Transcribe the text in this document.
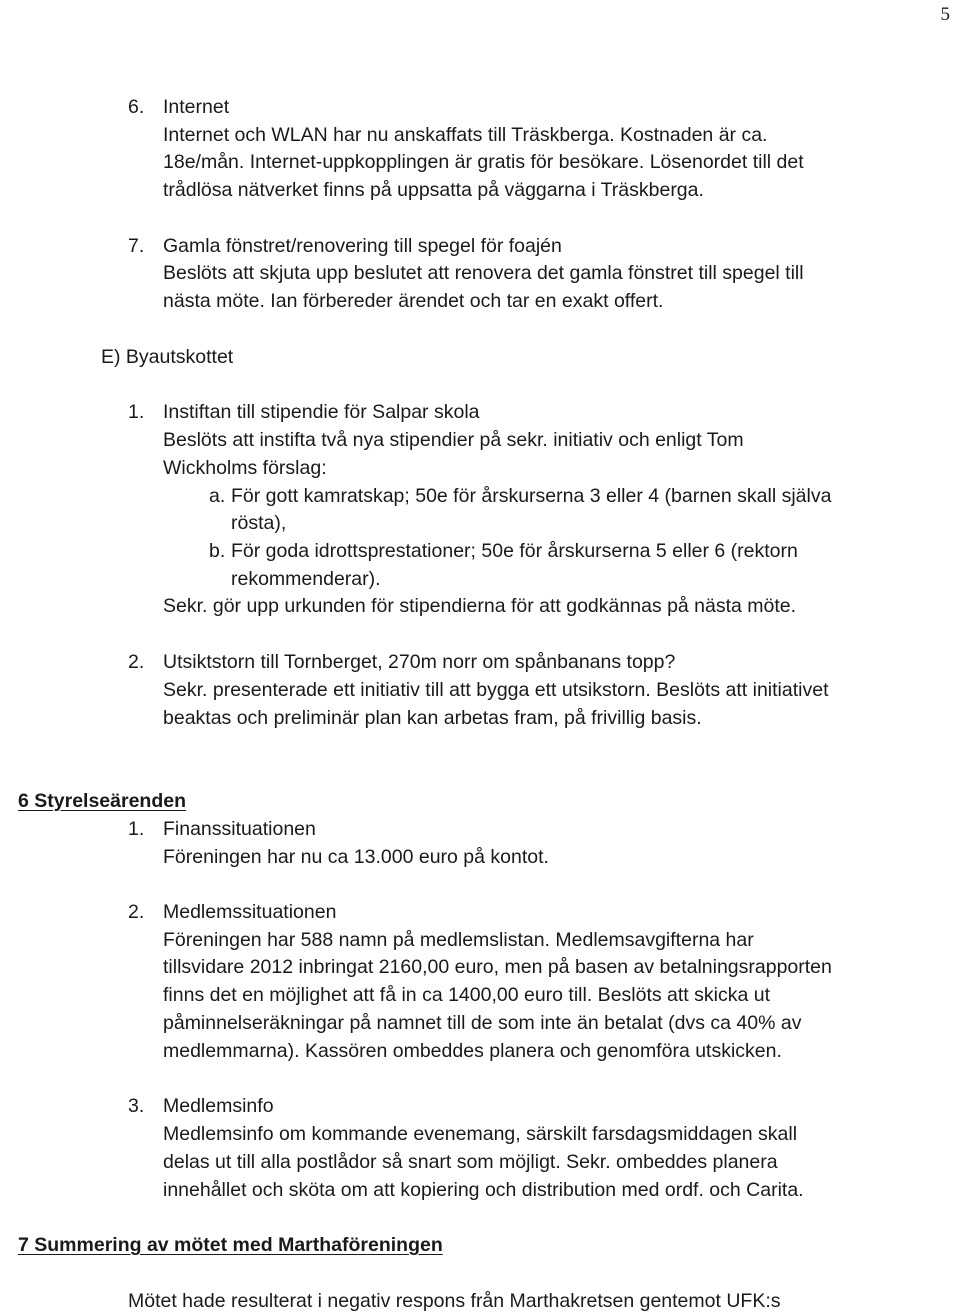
5
6. Internet
Internet och WLAN har nu anskaffats till Träskberga. Kostnaden är ca.
18e/mån. Internet-uppkopplingen är gratis för besökare. Lösenordet till det
trådlösa nätverket finns på uppsatta på väggarna i Träskberga.
7. Gamla fönstret/renovering till spegel för foajén
Beslöts att skjuta upp beslutet att renovera det gamla fönstret till spegel till
nästa möte. Ian förbereder ärendet och tar en exakt offert.
E) Byautskottet
1. Instiftan till stipendie för Salpar skola
Beslöts att instifta två nya stipendier på sekr. initiativ och enligt Tom
Wickholms förslag:
a. För gott kamratskap; 50e för årskurserna 3 eller 4 (barnen skall själva
rösta),
b. För goda idrottsprestationer; 50e för årskurserna 5 eller 6 (rektorn
rekommenderar).
Sekr. gör upp urkunden för stipendierna för att godkännas på nästa möte.
2. Utsiktstorn till Tornberget, 270m norr om spånbanans topp?
Sekr. presenterade ett initiativ till att bygga ett utsikstorn. Beslöts att initiativet
beaktas och preliminär plan kan arbetas fram, på frivillig basis.
6 Styrelseärenden
1. Finanssituationen
Föreningen har nu ca 13.000 euro på kontot.
2. Medlemssituationen
Föreningen har 588 namn på medlemslistan. Medlemsavgifterna har
tillsvidare 2012 inbringat 2160,00 euro, men på basen av betalningsrapporten
finns det en möjlighet att få in ca 1400,00 euro till. Beslöts att skicka ut
påminnelseräkningar på namnet till de som inte än betalat (dvs ca 40% av
medlemmarna). Kassören ombeddes planera och genomföra utskicken.
3. Medlemsinfo
Medlemsinfo om kommande evenemang, särskilt farsdagsmiddagen skall
delas ut till alla postlådor så snart som möjligt. Sekr. ombeddes planera
innehållet och sköta om att kopiering och distribution med ordf. och Carita.
7 Summering av mötet med Marthaföreningen
Mötet hade resulterat i negativ respons från Marthakretsen gentemot UFK:s
